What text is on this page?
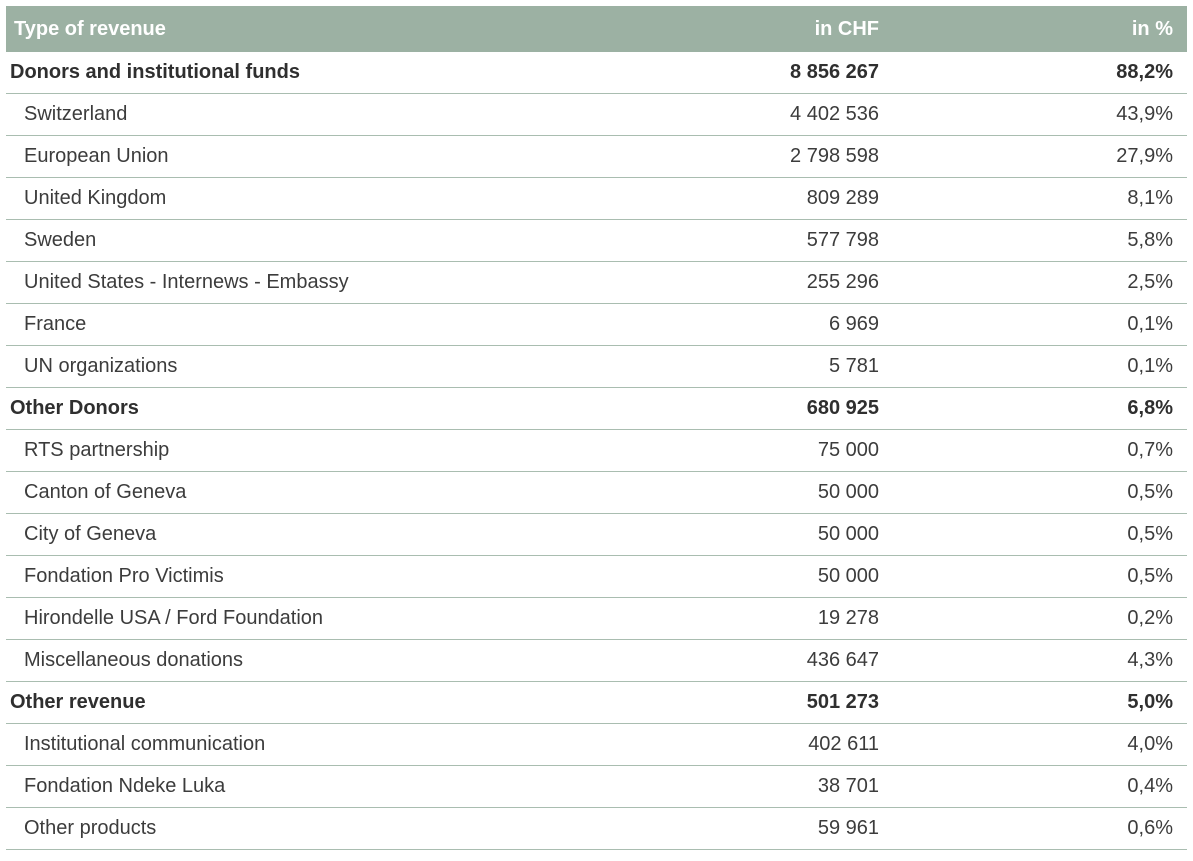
Type of revenue	in CHF	in %
Donors and institutional funds	8 856 267	88,2%
Switzerland	4 402 536	43,9%
European Union	2 798 598	27,9%
United Kingdom	809 289	8,1%
Sweden	577 798	5,8%
United States - Internews - Embassy	255 296	2,5%
France	6 969	0,1%
UN organizations	5 781	0,1%
Other Donors	680 925	6,8%
RTS partnership	75 000	0,7%
Canton of Geneva	50 000	0,5%
City of Geneva	50 000	0,5%
Fondation Pro Victimis	50 000	0,5%
Hirondelle USA / Ford Foundation	19 278	0,2%
Miscellaneous donations	436 647	4,3%
Other revenue	501 273	5,0%
Institutional communication	402 611	4,0%
Fondation Ndeke Luka	38 701	0,4%
Other products	59 961	0,6%
